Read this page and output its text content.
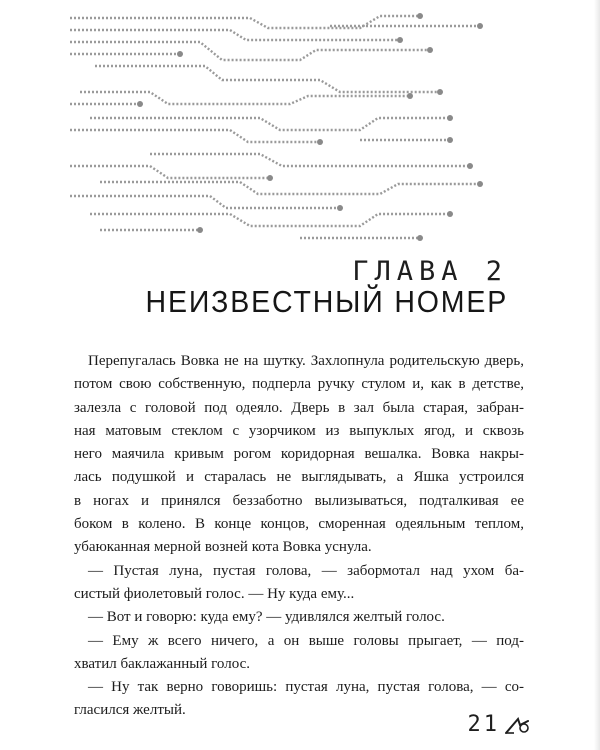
ГЛАВА 2
НЕИЗВЕСТНЫЙ НОМЕР
Перепугалась Вовка не на шутку. Захлопнула родительскую дверь,
потом свою собственную, подперла ручку стулом и, как в детстве,
залезла с головой под одеяло. Дверь в зал была старая, забран-
ная матовым стеклом с узорчиком из выпуклых ягод, и сквозь
него маячила кривым рогом коридорная вешалка. Вовка накры-
лась подушкой и старалась не выглядывать, а Яшка устроился
в ногах и принялся беззаботно вылизываться, подталкивая ее
боком в колено. В конце концов, сморенная одеяльным теплом,
убаюканная мерной возней кота Вовка уснула.
— Пустая луна, пустая голова, — забормотал над ухом ба-
систый фиолетовый голос. — Ну куда ему...
— Вот и говорю: куда ему? — удивлялся желтый голос.
— Ему ж всего ничего, а он выше головы прыгает, — под-
хватил баклажанный голос.
— Ну так верно говоришь: пустая луна, пустая голова, — со-
гласился желтый.
21
